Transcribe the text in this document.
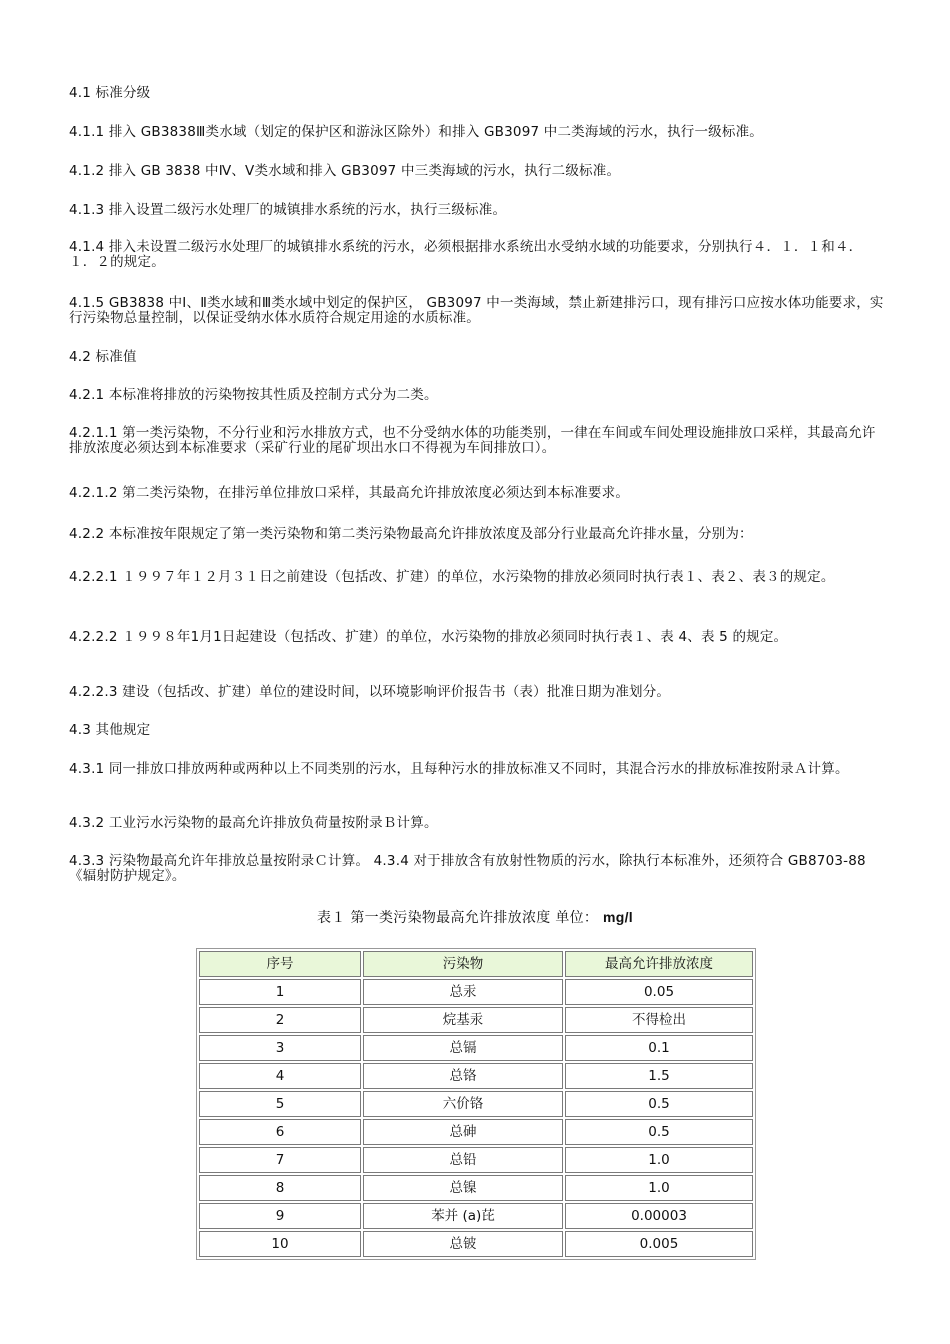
4.1 标准分级

4.1.1 排入 GB3838Ⅲ类水域（划定的保护区和游泳区除外）和排入 GB3097 中二类海域的污水，执行一级标准。

4.1.2 排入 GB 3838 中Ⅳ、Ⅴ类水域和排入 GB3097 中三类海域的污水，执行二级标准。

4.1.3 排入设置二级污水处理厂的城镇排水系统的污水，执行三级标准。

4.1.4 排入未设置二级污水处理厂的城镇排水系统的污水，必须根据排水系统出水受纳水域的功能要求，分别执行４．１．１和４．１．２的规定。

4.1.5 GB3838 中Ⅰ、Ⅱ类水域和Ⅲ类水域中划定的保护区， GB3097 中一类海域，禁止新建排污口，现有排污口应按水体功能要求，实行污染物总量控制，以保证受纳水体水质符合规定用途的水质标准。

4.2 标准值

4.2.1 本标准将排放的污染物按其性质及控制方式分为二类。

4.2.1.1 第一类污染物，不分行业和污水排放方式，也不分受纳水体的功能类别，一律在车间或车间处理设施排放口采样，其最高允许排放浓度必须达到本标准要求（采矿行业的尾矿坝出水口不得视为车间排放口）。

4.2.1.2 第二类污染物，在排污单位排放口采样，其最高允许排放浓度必须达到本标准要求。

4.2.2 本标准按年限规定了第一类污染物和第二类污染物最高允许排放浓度及部分行业最高允许排水量，分别为：

4.2.2.1 １９９７年１２月３１日之前建设（包括改、扩建）的单位，水污染物的排放必须同时执行表１、表２、表３的规定。

4.2.2.2 １９９８年1月1日起建设（包括改、扩建）的单位，水污染物的排放必须同时执行表１、表 4、表 5 的规定。

4.2.2.3 建设（包括改、扩建）单位的建设时间，以环境影响评价报告书（表）批准日期为准划分。

4.3 其他规定

4.3.1 同一排放口排放两种或两种以上不同类别的污水，且每种污水的排放标准又不同时，其混合污水的排放标准按附录Ａ计算。

4.3.2 工业污水污染物的最高允许排放负荷量按附录Ｂ计算。

4.3.3 污染物最高允许年排放总量按附录Ｃ计算。 4.3.4 对于排放含有放射性物质的污水，除执行本标准外，还须符合 GB8703-88《辐射防护规定》。

表１ 第一类污染物最高允许排放浓度 单位： mg/l
序号	污染物	最高允许排放浓度
1	总汞	0.05
2	烷基汞	不得检出
3	总镉	0.1
4	总铬	1.5
5	六价铬	0.5
6	总砷	0.5
7	总铅	1.0
8	总镍	1.0
9	苯并 (a)芘	0.00003
10	总铍	0.005
